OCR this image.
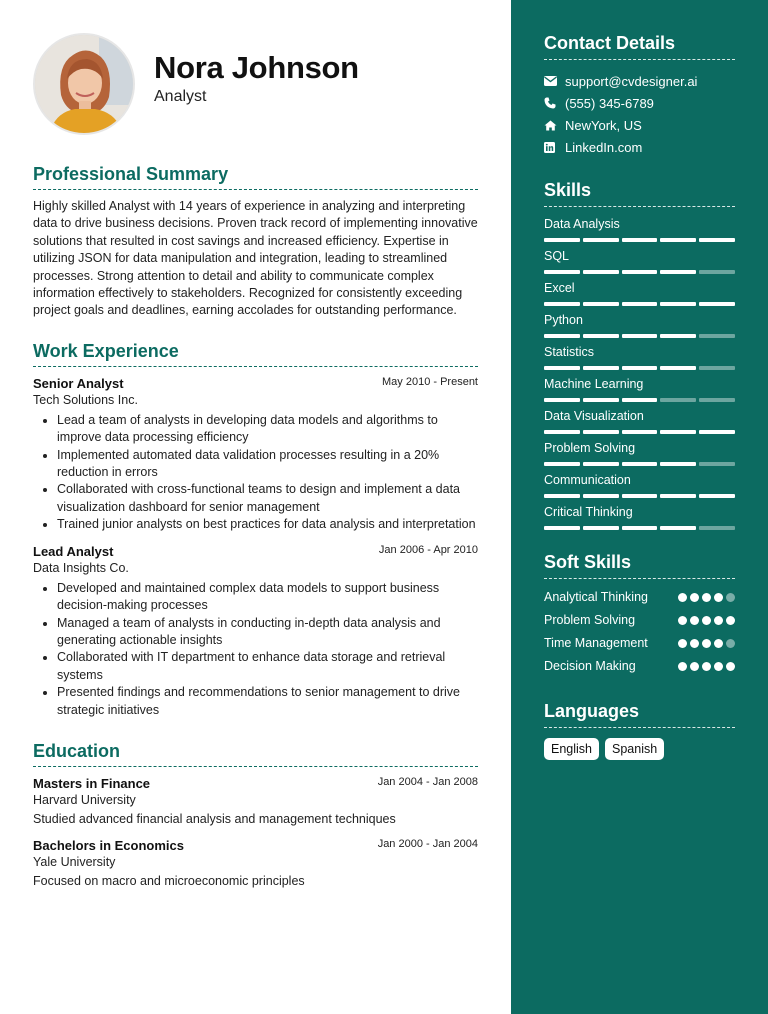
Nora Johnson
Analyst
Professional Summary
Highly skilled Analyst with 14 years of experience in analyzing and interpreting data to drive business decisions. Proven track record of implementing innovative solutions that resulted in cost savings and increased efficiency. Expertise in utilizing JSON for data manipulation and integration, leading to streamlined processes. Strong attention to detail and ability to communicate complex information effectively to stakeholders. Recognized for consistently exceeding project goals and deadlines, earning accolades for outstanding performance.
Work Experience
Senior Analyst	May 2010 - Present
Tech Solutions Inc.
• Lead a team of analysts in developing data models and algorithms to improve data processing efficiency
• Implemented automated data validation processes resulting in a 20% reduction in errors
• Collaborated with cross-functional teams to design and implement a data visualization dashboard for senior management
• Trained junior analysts on best practices for data analysis and interpretation
Lead Analyst	Jan 2006 - Apr 2010
Data Insights Co.
• Developed and maintained complex data models to support business decision-making processes
• Managed a team of analysts in conducting in-depth data analysis and generating actionable insights
• Collaborated with IT department to enhance data storage and retrieval systems
• Presented findings and recommendations to senior management to drive strategic initiatives
Education
Masters in Finance	Jan 2004 - Jan 2008
Harvard University
Studied advanced financial analysis and management techniques
Bachelors in Economics	Jan 2000 - Jan 2004
Yale University
Focused on macro and microeconomic principles
Contact Details
support@cvdesigner.ai
(555) 345-6789
NewYork, US
LinkedIn.com
Skills
Data Analysis
SQL
Excel
Python
Statistics
Machine Learning
Data Visualization
Problem Solving
Communication
Critical Thinking
Soft Skills
Analytical Thinking
Problem Solving
Time Management
Decision Making
Languages
English	Spanish
